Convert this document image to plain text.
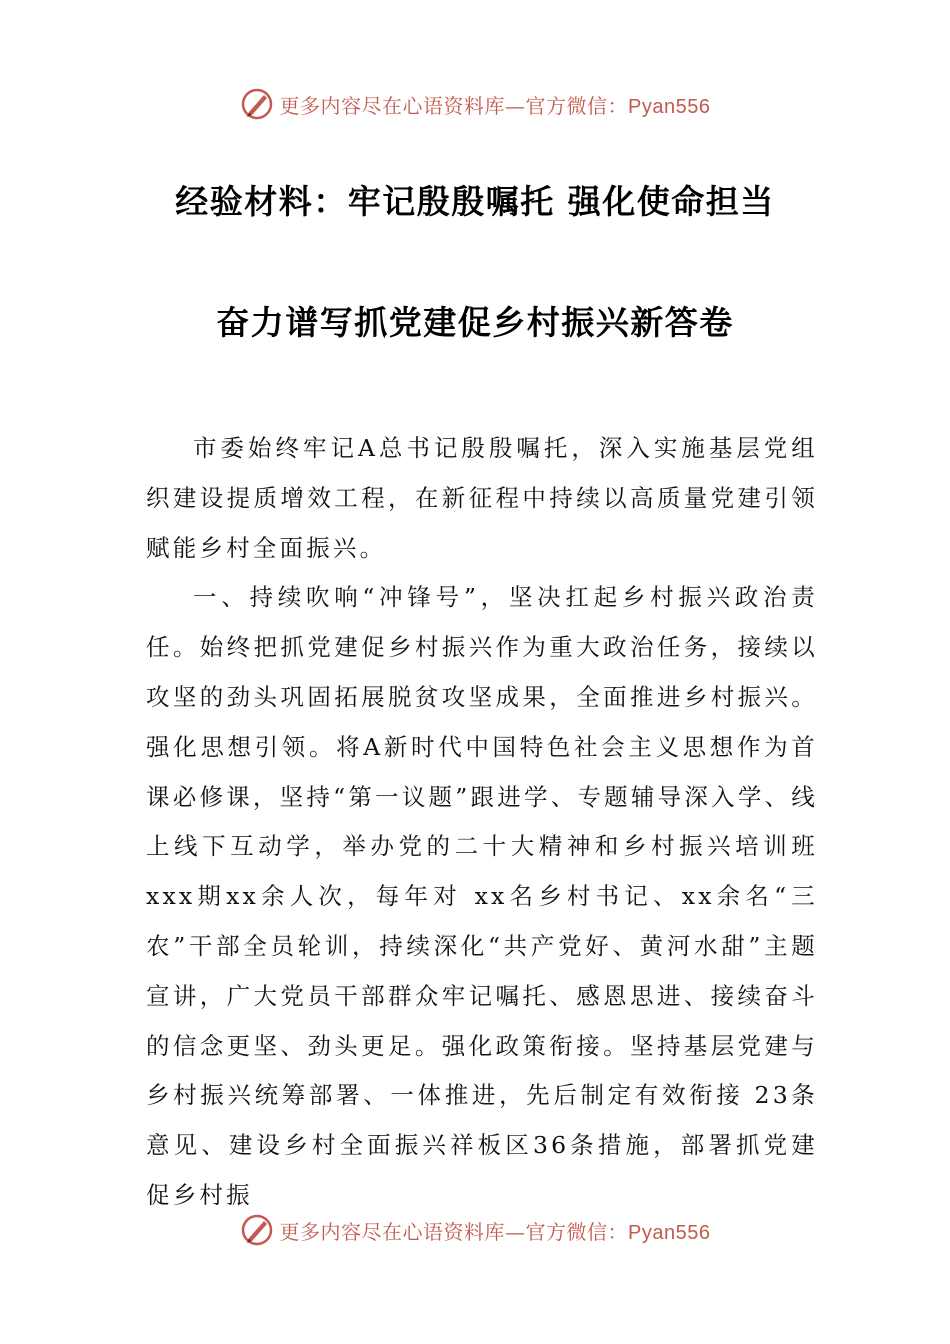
更多内容尽在心语资料库—官方微信：Pyan556
经验材料：牢记殷殷嘱托 强化使命担当
奋力谱写抓党建促乡村振兴新答卷

市委始终牢记A总书记殷殷嘱托，深入实施基层党组织建设提质增效工程，在新征程中持续以高质量党建引领赋能乡村全面振兴。

一、持续吹响“冲锋号”，坚决扛起乡村振兴政治责任。始终把抓党建促乡村振兴作为重大政治任务，接续以攻坚的劲头巩固拓展脱贫攻坚成果，全面推进乡村振兴。强化思想引领。将A新时代中国特色社会主义思想作为首课必修课，坚持“第一议题”跟进学、专题辅导深入学、线上线下互动学，举办党的二十大精神和乡村振兴培训班xxx期xx余人次，每年对 xx名乡村书记、xx余名“三农”干部全员轮训，持续深化“共产党好、黄河水甜”主题宣讲，广大党员干部群众牢记嘱托、感恩思进、接续奋斗的信念更坚、劲头更足。强化政策衔接。坚持基层党建与乡村振兴统筹部署、一体推进，先后制定有效衔接 23条意见、建设乡村全面振兴祥板区36条措施，部署抓党建促乡村振

更多内容尽在心语资料库—官方微信：Pyan556
